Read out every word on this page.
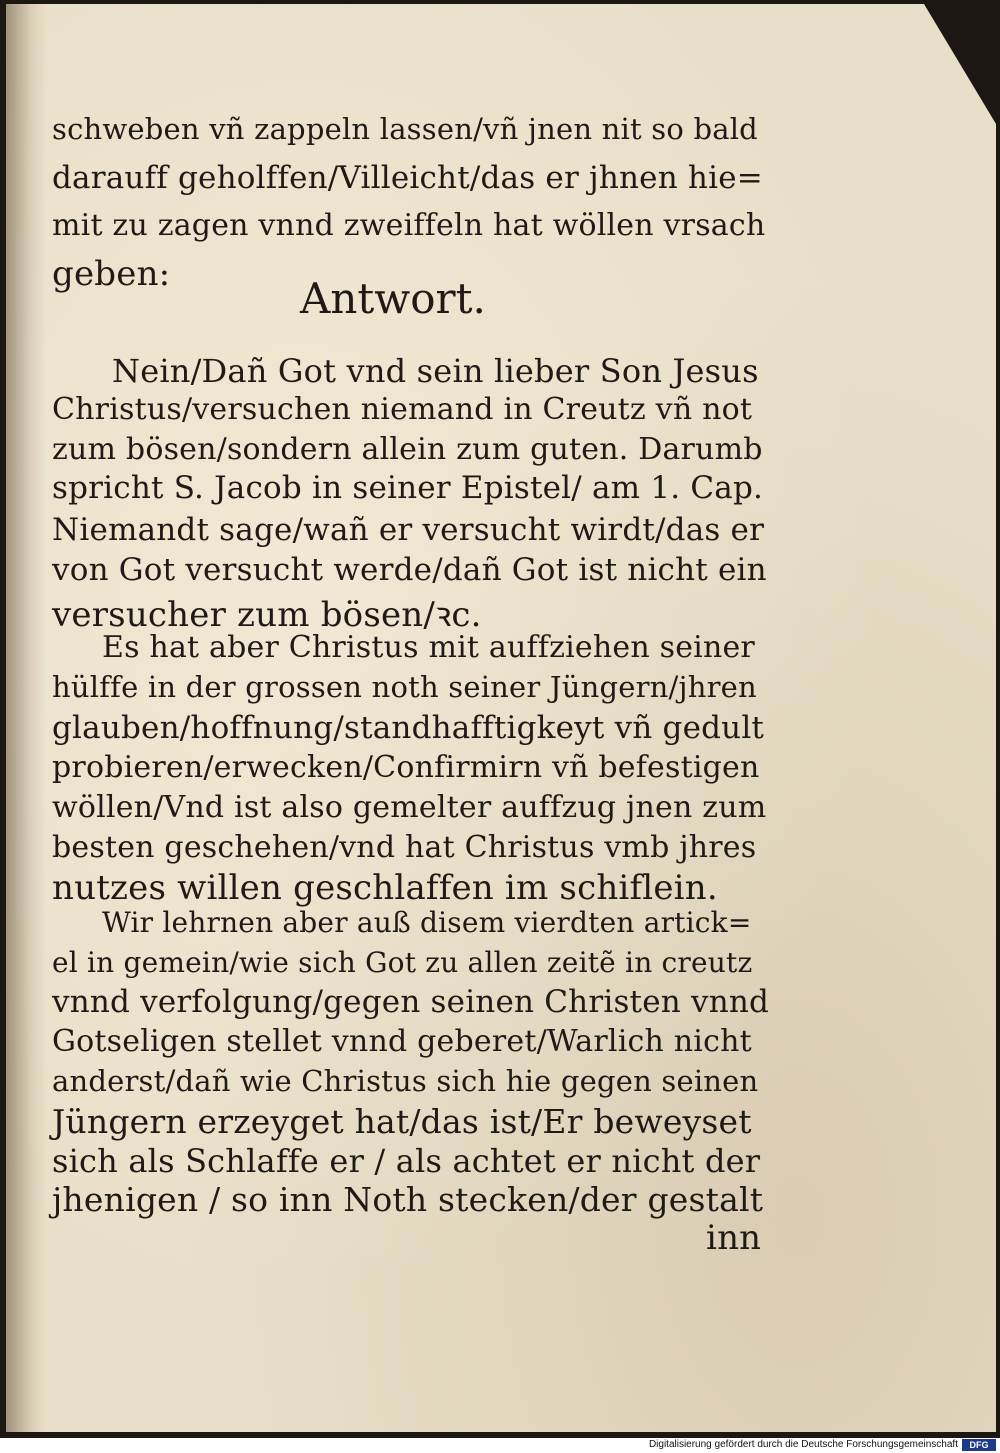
schweben vñ zappeln lassen/vñ jnen nit so bald
darauff geholffen/Villeicht/das er jhnen hie=
mit zu zagen vnnd zweiffeln hat wöllen vrsach
geben:	Antwort.
Nein/Dañ Got vnd sein lieber Son Jesus
Christus/versuchen niemand in Creutz vñ not
zum bösen/sondern allein zum guten. Darumb
spricht S. Jacob in seiner Epistel/ am 1. Cap.
Niemandt sage/wañ er versucht wirdt/das er
von Got versucht werde/dañ Got ist nicht ein
versucher zum bösen/ꝛc.
Es hat aber Christus mit auffziehen seiner
hülffe in der grossen noth seiner Jüngern/jhren
glauben/hoffnung/standhafftigkeyt vñ gedult
probieren/erwecken/Confirmirn vñ befestigen
wöllen/Vnd ist also gemelter auffzug jnen zum
besten geschehen/vnd hat Christus vmb jhres
nutzes willen geschlaffen im schiflein.
Wir lehrnen aber auß disem vierdten artick=
el in gemein/wie sich Got zu allen zeitẽ in creutz
vnnd verfolgung/gegen seinen Christen vnnd
Gotseligen stellet vnnd geberet/Warlich nicht
anderst/dañ wie Christus sich hie gegen seinen
Jüngern erzeyget hat/das ist/Er beweyset
sich als Schlaffe er / als achtet er nicht der
jhenigen / so inn Noth stecken/der gestalt
inn
Digitalisierung gefördert durch die Deutsche Forschungsgemeinschaft	DFG
